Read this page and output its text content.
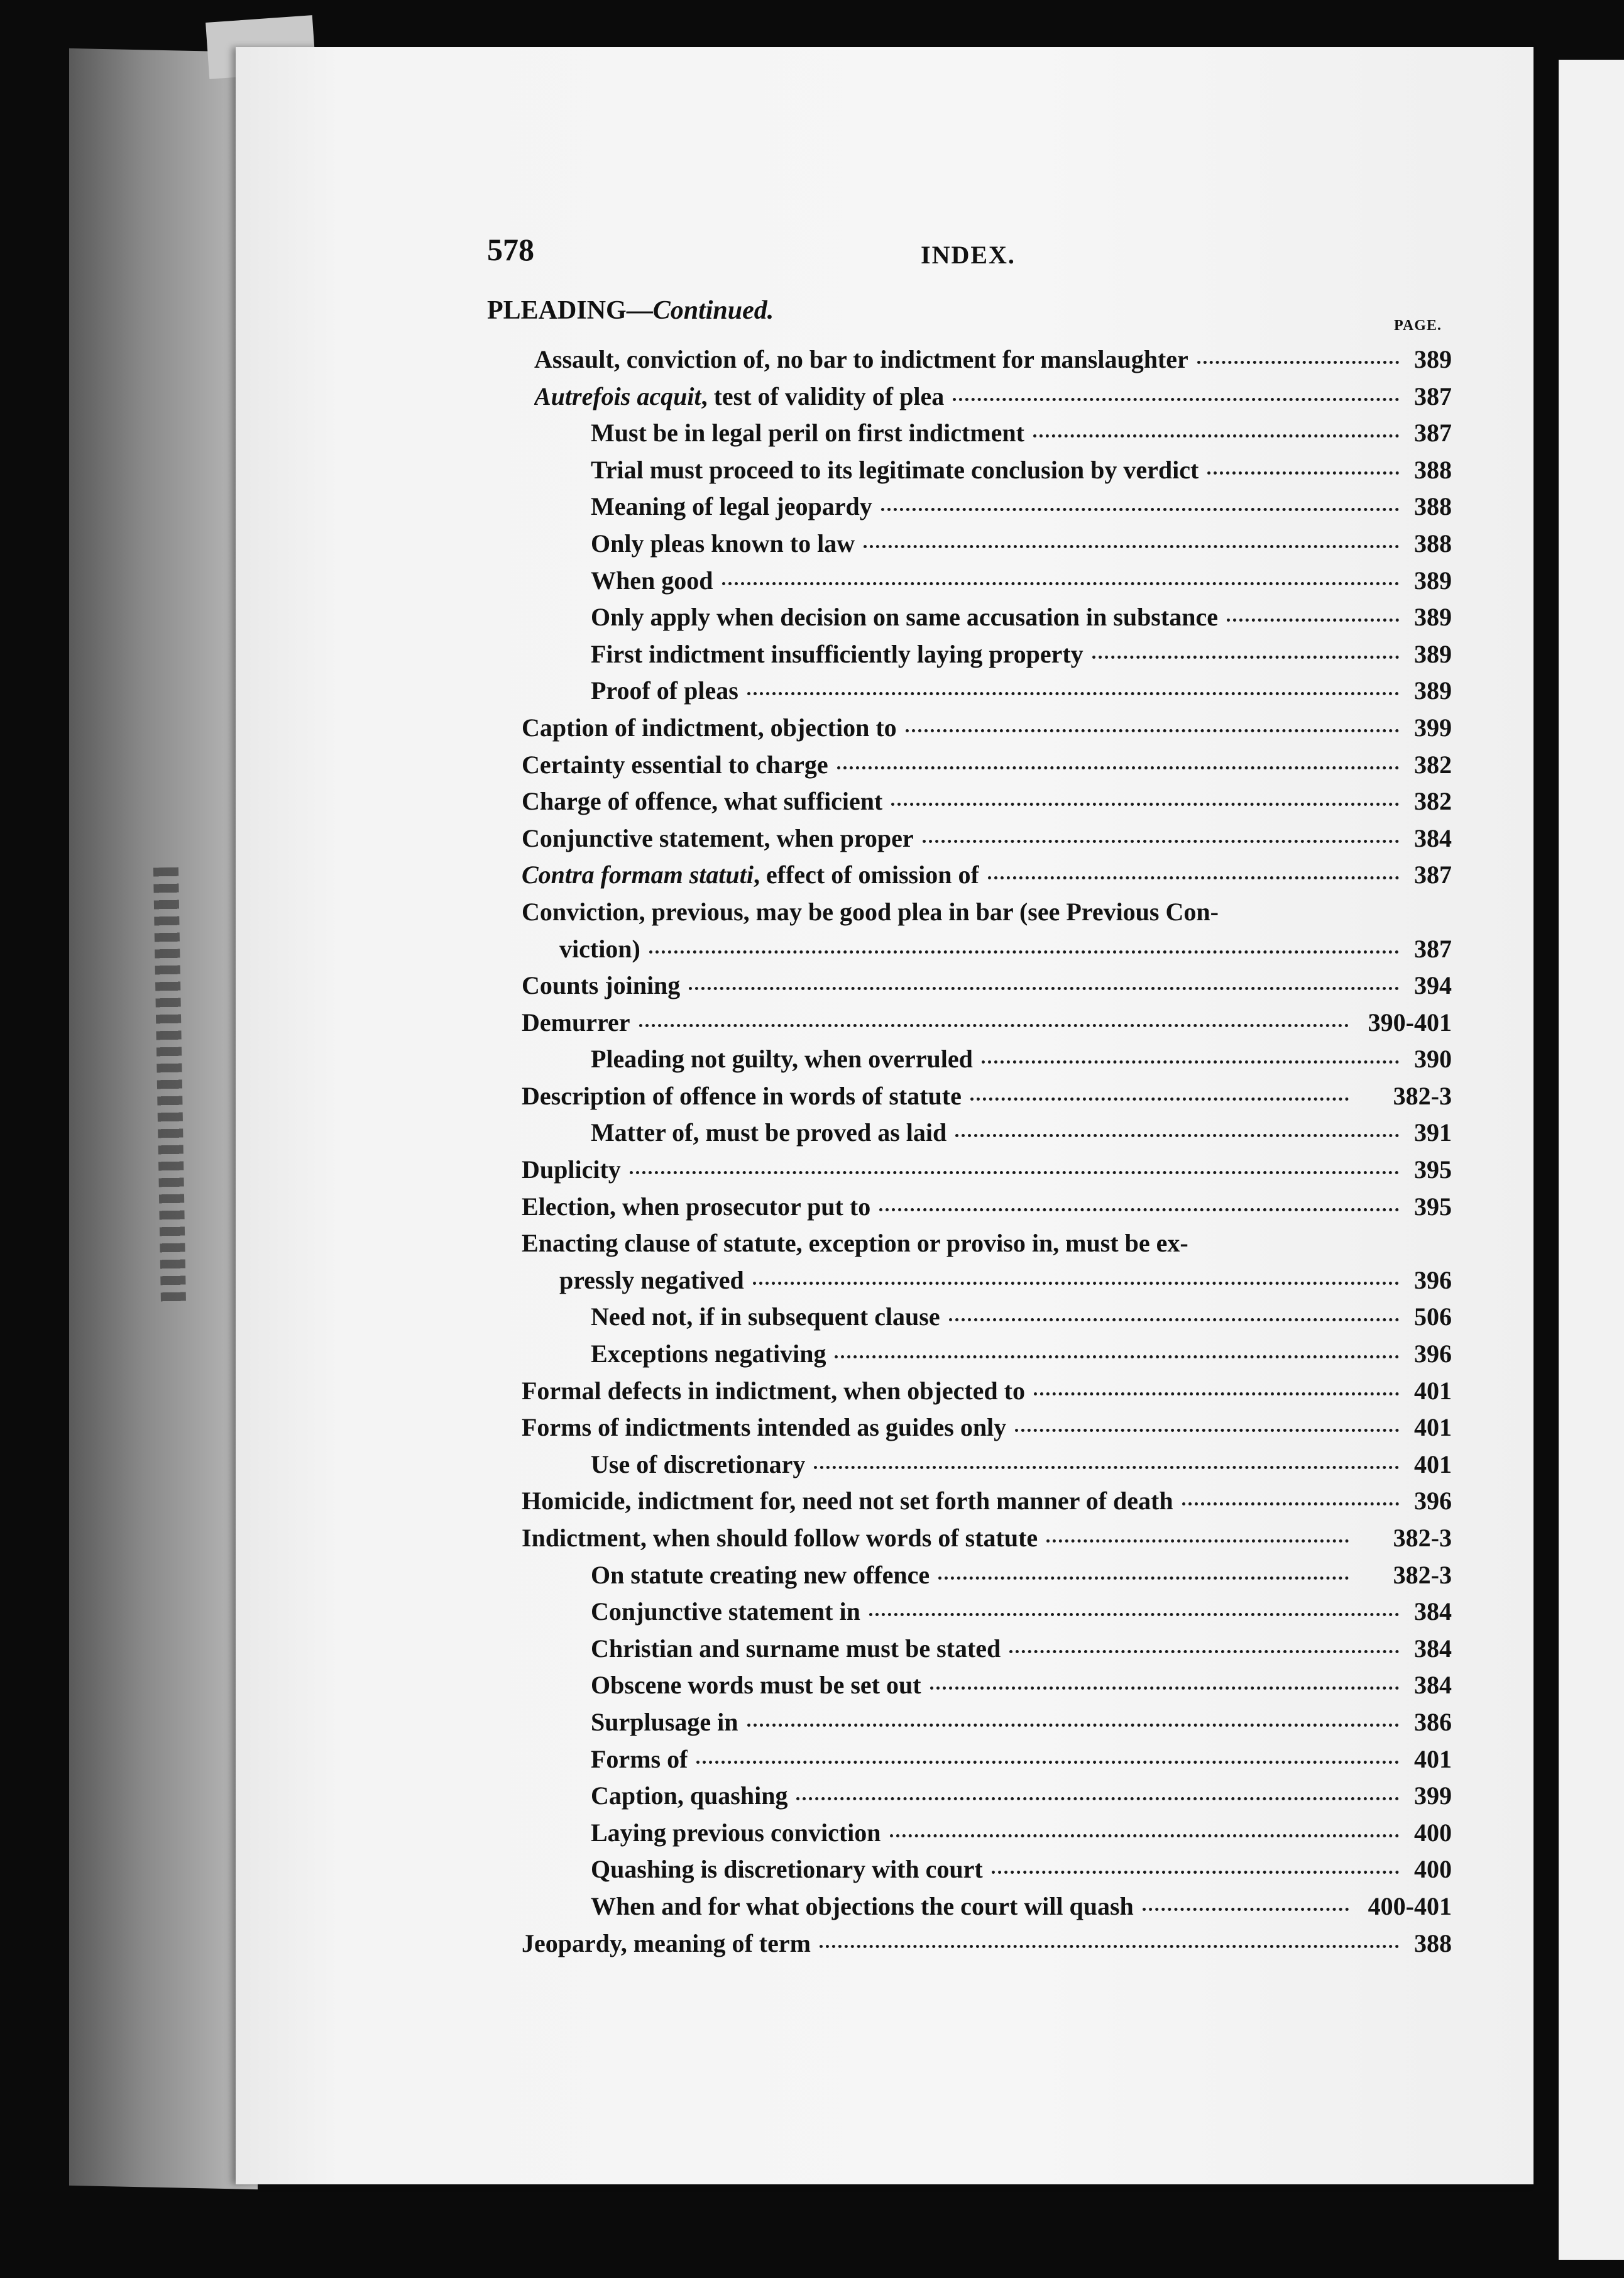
578	INDEX.
PLEADING—Continued.
PAGE.
Assault, conviction of, no bar to indictment for manslaughter	389
Autrefois acquit, test of validity of plea	387
Must be in legal peril on first indictment	387
Trial must proceed to its legitimate conclusion by verdict	388
Meaning of legal jeopardy	388
Only pleas known to law	388
When good	389
Only apply when decision on same accusation in substance	389
First indictment insufficiently laying property	389
Proof of pleas	389
Caption of indictment, objection to	399
Certainty essential to charge	382
Charge of offence, what sufficient	382
Conjunctive statement, when proper	384
Contra formam statuti, effect of omission of	387
Conviction, previous, may be good plea in bar (see Previous Con-
viction)	387
Counts joining	394
Demurrer	390-401
Pleading not guilty, when overruled	390
Description of offence in words of statute	382-3
Matter of, must be proved as laid	391
Duplicity	395
Election, when prosecutor put to	395
Enacting clause of statute, exception or proviso in, must be ex-
pressly negatived	396
Need not, if in subsequent clause	506
Exceptions negativing	396
Formal defects in indictment, when objected to	401
Forms of indictments intended as guides only	401
Use of discretionary	401
Homicide, indictment for, need not set forth manner of death	396
Indictment, when should follow words of statute	382-3
On statute creating new offence	382-3
Conjunctive statement in	384
Christian and surname must be stated	384
Obscene words must be set out	384
Surplusage in	386
Forms of	401
Caption, quashing	399
Laying previous conviction	400
Quashing is discretionary with court	400
When and for what objections the court will quash	400-401
Jeopardy, meaning of term	388
